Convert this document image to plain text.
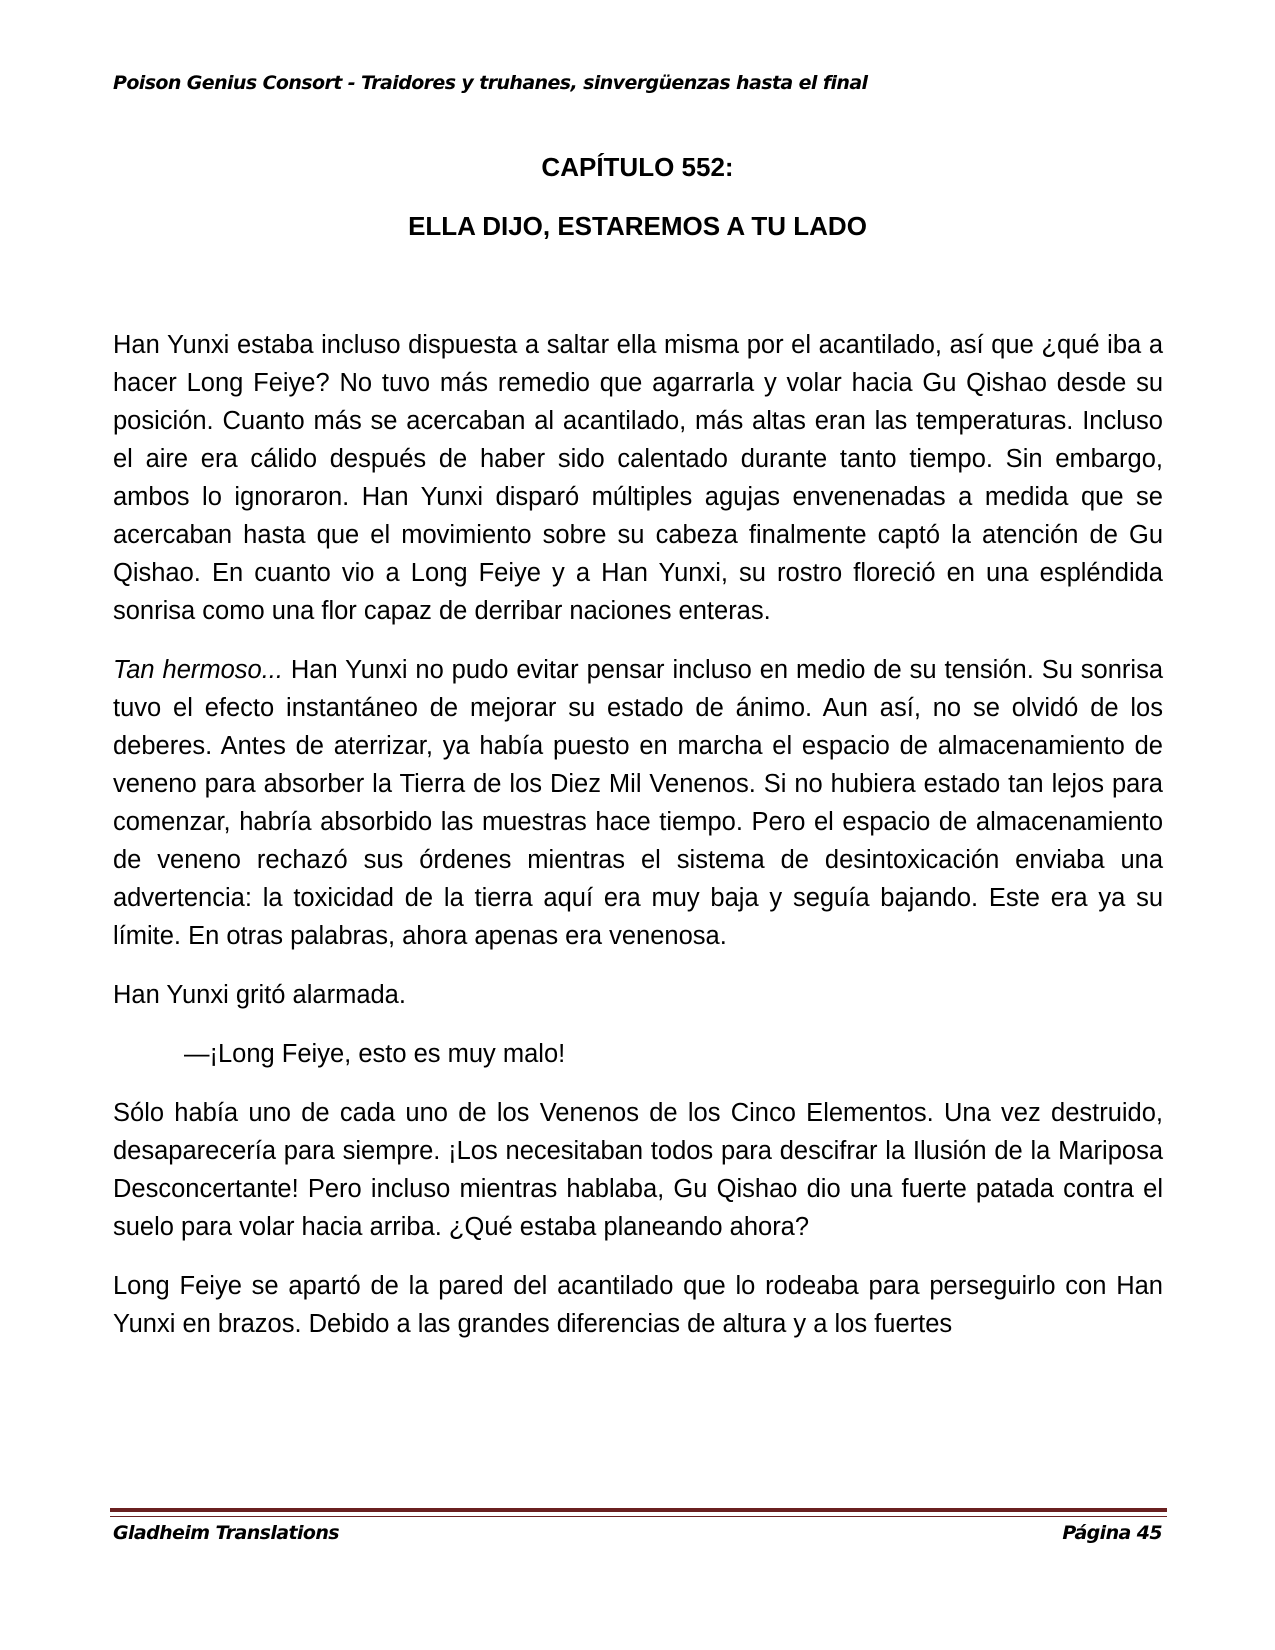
Poison Genius Consort - Traidores y truhanes, sinvergüenzas hasta el final
CAPÍTULO 552:
ELLA DIJO, ESTAREMOS A TU LADO

Han Yunxi estaba incluso dispuesta a saltar ella misma por el acantilado, así que ¿qué iba a hacer Long Feiye? No tuvo más remedio que agarrarla y volar hacia Gu Qishao desde su posición. Cuanto más se acercaban al acantilado, más altas eran las temperaturas. Incluso el aire era cálido después de haber sido calentado durante tanto tiempo. Sin embargo, ambos lo ignoraron. Han Yunxi disparó múltiples agujas envenenadas a medida que se acercaban hasta que el movimiento sobre su cabeza finalmente captó la atención de Gu Qishao. En cuanto vio a Long Feiye y a Han Yunxi, su rostro floreció en una espléndida sonrisa como una flor capaz de derribar naciones enteras.

Tan hermoso... Han Yunxi no pudo evitar pensar incluso en medio de su tensión. Su sonrisa tuvo el efecto instantáneo de mejorar su estado de ánimo. Aun así, no se olvidó de los deberes. Antes de aterrizar, ya había puesto en marcha el espacio de almacenamiento de veneno para absorber la Tierra de los Diez Mil Venenos. Si no hubiera estado tan lejos para comenzar, habría absorbido las muestras hace tiempo. Pero el espacio de almacenamiento de veneno rechazó sus órdenes mientras el sistema de desintoxicación enviaba una advertencia: la toxicidad de la tierra aquí era muy baja y seguía bajando. Este era ya su límite. En otras palabras, ahora apenas era venenosa.

Han Yunxi gritó alarmada.

—¡Long Feiye, esto es muy malo!

Sólo había uno de cada uno de los Venenos de los Cinco Elementos. Una vez destruido, desaparecería para siempre. ¡Los necesitaban todos para descifrar la Ilusión de la Mariposa Desconcertante! Pero incluso mientras hablaba, Gu Qishao dio una fuerte patada contra el suelo para volar hacia arriba. ¿Qué estaba planeando ahora?

Long Feiye se apartó de la pared del acantilado que lo rodeaba para perseguirlo con Han Yunxi en brazos. Debido a las grandes diferencias de altura y a los fuertes

Gladheim Translations	Página 45
